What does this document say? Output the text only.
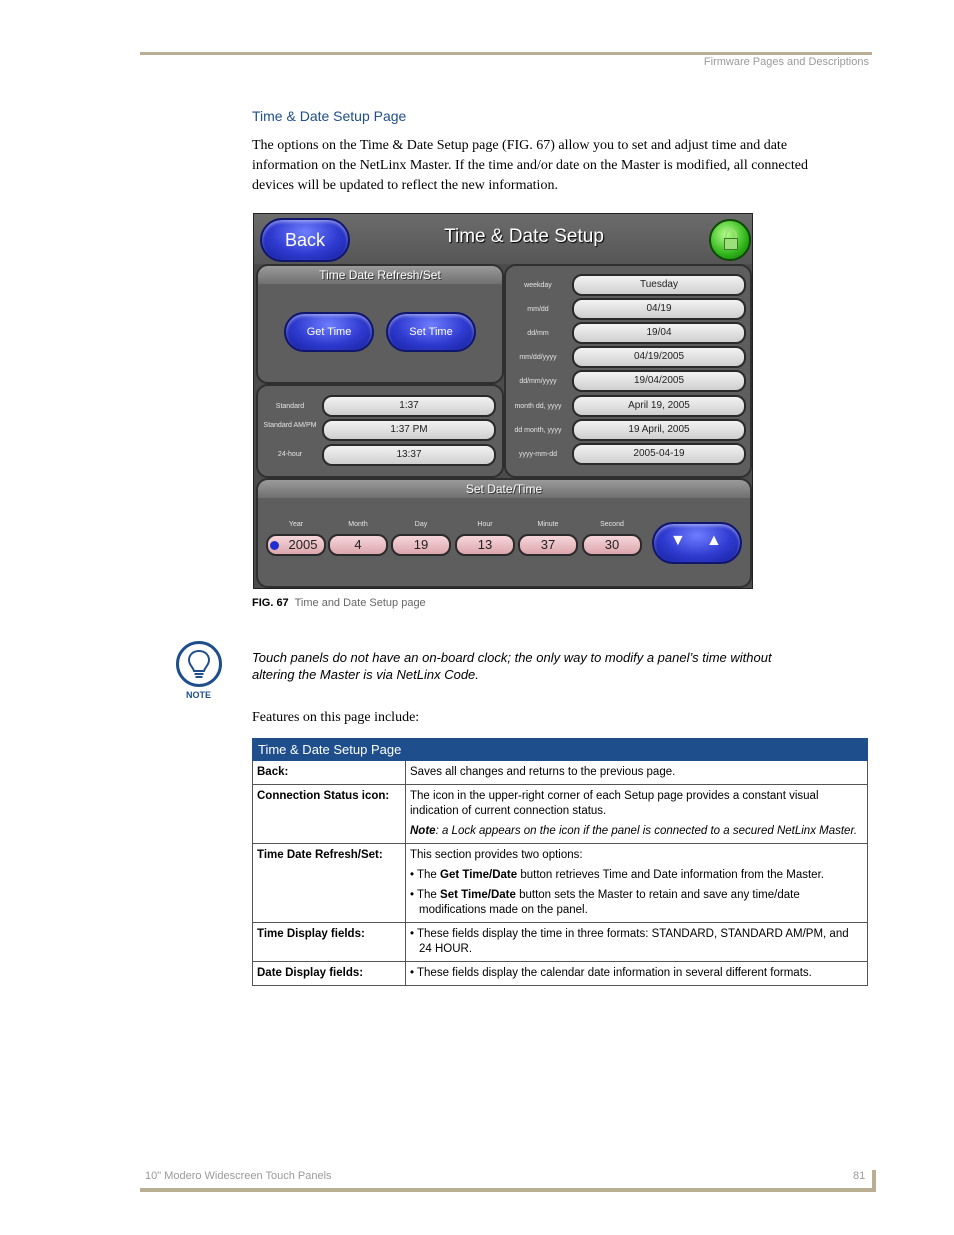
Firmware Pages and Descriptions
Time & Date Setup Page
The options on the Time & Date Setup page (FIG. 67) allow you to set and adjust time and date information on the NetLinx Master. If the time and/or date on the Master is modified, all connected devices will be updated to reflect the new information.
Back	Time & Date Setup
Time Date Refresh/Set
Get Time	Set Time
Standard	1:37
Standard AM/PM	1:37 PM
24-hour	13:37
weekday	Tuesday
mm/dd	04/19
dd/mm	19/04
mm/dd/yyyy	04/19/2005
dd/mm/yyyy	19/04/2005
month dd, yyyy	April 19, 2005
dd month, yyyy	19 April, 2005
yyyy-mm-dd	2005-04-19
Set Date/Time
Year
2005
Month
4
Day
19
Hour
13
Minute
37
Second
30	▼ ▲
FIG. 67 Time and Date Setup page
NOTE
Touch panels do not have an on-board clock; the only way to modify a panel’s time without altering the Master is via NetLinx Code.
Features on this page include:
Time & Date Setup Page	
Back:	Saves all changes and returns to the previous page.
Connection Status icon:	The icon in the upper-right corner of each Setup page provides a constant visual indication of current connection status.
Note: a Lock appears on the icon if the panel is connected to a secured NetLinx Master.

Time Date Refresh/Set:	This section provides two options:
• The Get Time/Date button retrieves Time and Date information from the Master.
• The Set Time/Date button sets the Master to retain and save any time/date modifications made on the panel.

Time Display fields:	• These fields display the time in three formats: STANDARD, STANDARD AM/PM, and 24 HOUR.

Date Display fields:	• These fields display the calendar date information in several different formats.
10" Modero Widescreen Touch Panels	81
